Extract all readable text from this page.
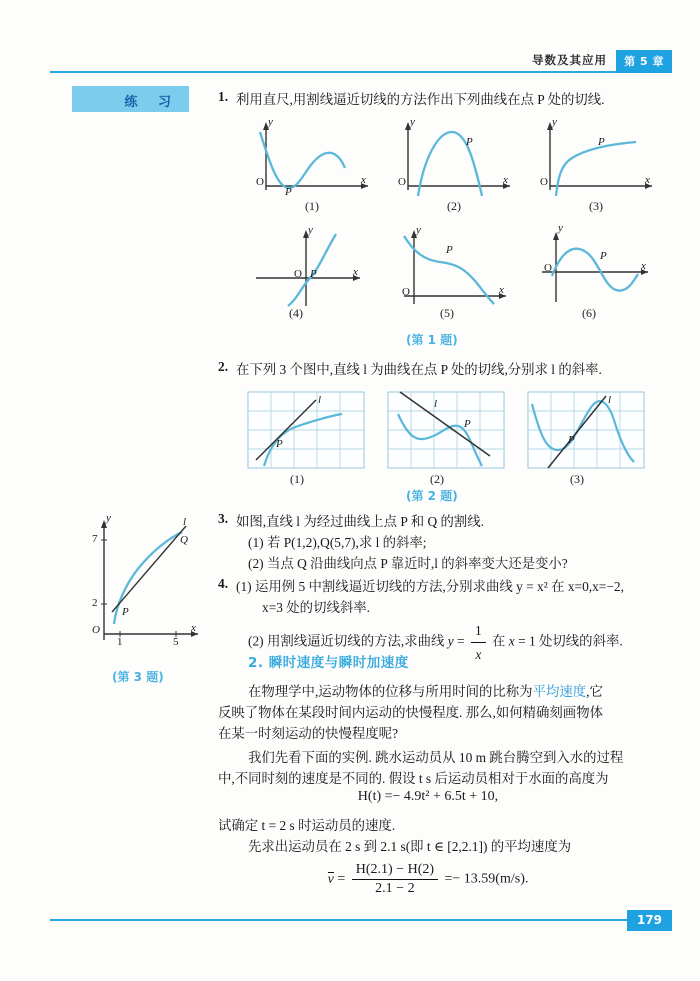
导数及其应用	第 5 章
练 习	1. 利用直尺,用割线逼近切线的方法作出下列曲线在点 P 处的切线.
O	x
y
P
O	x
y
P
O	x
y
P
(1)	(2)	(3)
O	x
y
P
O	x
y
P
O	x
y
P
(4)	(5)	(6)
(第 1 题)
2. 在下列 3 个图中,直线 l 为曲线在点 P 处的切线,分别求 l 的斜率.
P
l
P
l
P
l
(1)	(2)	(3)
(第 2 题)
3. 如图,直线 l 为经过曲线上点 P 和 Q 的割线.
(1) 若 P(1,2),Q(5,7),求 l 的斜率;
(2) 当点 Q 沿曲线向点 P 靠近时,l 的斜率变大还是变小?
O	x
y
7
2
1	5
P
Q
l
(第 3 题)
4. (1) 运用例 5 中割线逼近切线的方法,分别求曲线 y = x² 在 x=0,x=−2,
x=3 处的切线斜率.
(2) 用割线逼近切线的方法,求曲线 $y = \frac{1}{x}$ 在 x = 1 处切线的斜率.
2. 瞬时速度与瞬时加速度
在物理学中,运动物体的位移与所用时间的比称为平均速度,它
反映了物体在某段时间内运动的快慢程度. 那么,如何精确刻画物体
在某一时刻运动的快慢程度呢?
我们先看下面的实例. 跳水运动员从 10 m 跳台腾空到入水的过程
中,不同时刻的速度是不同的. 假设 t s 后运动员相对于水面的高度为
H(t) =− 4.9t² + 6.5t + 10,
试确定 t = 2 s 时运动员的速度.
先求出运动员在 2 s 到 2.1 s(即 t ∈ [2,2.1]) 的平均速度为
$v = \frac{H(2.1) - H(2)}{2.1 - 2} =- 13.59(m/s)$.
179
